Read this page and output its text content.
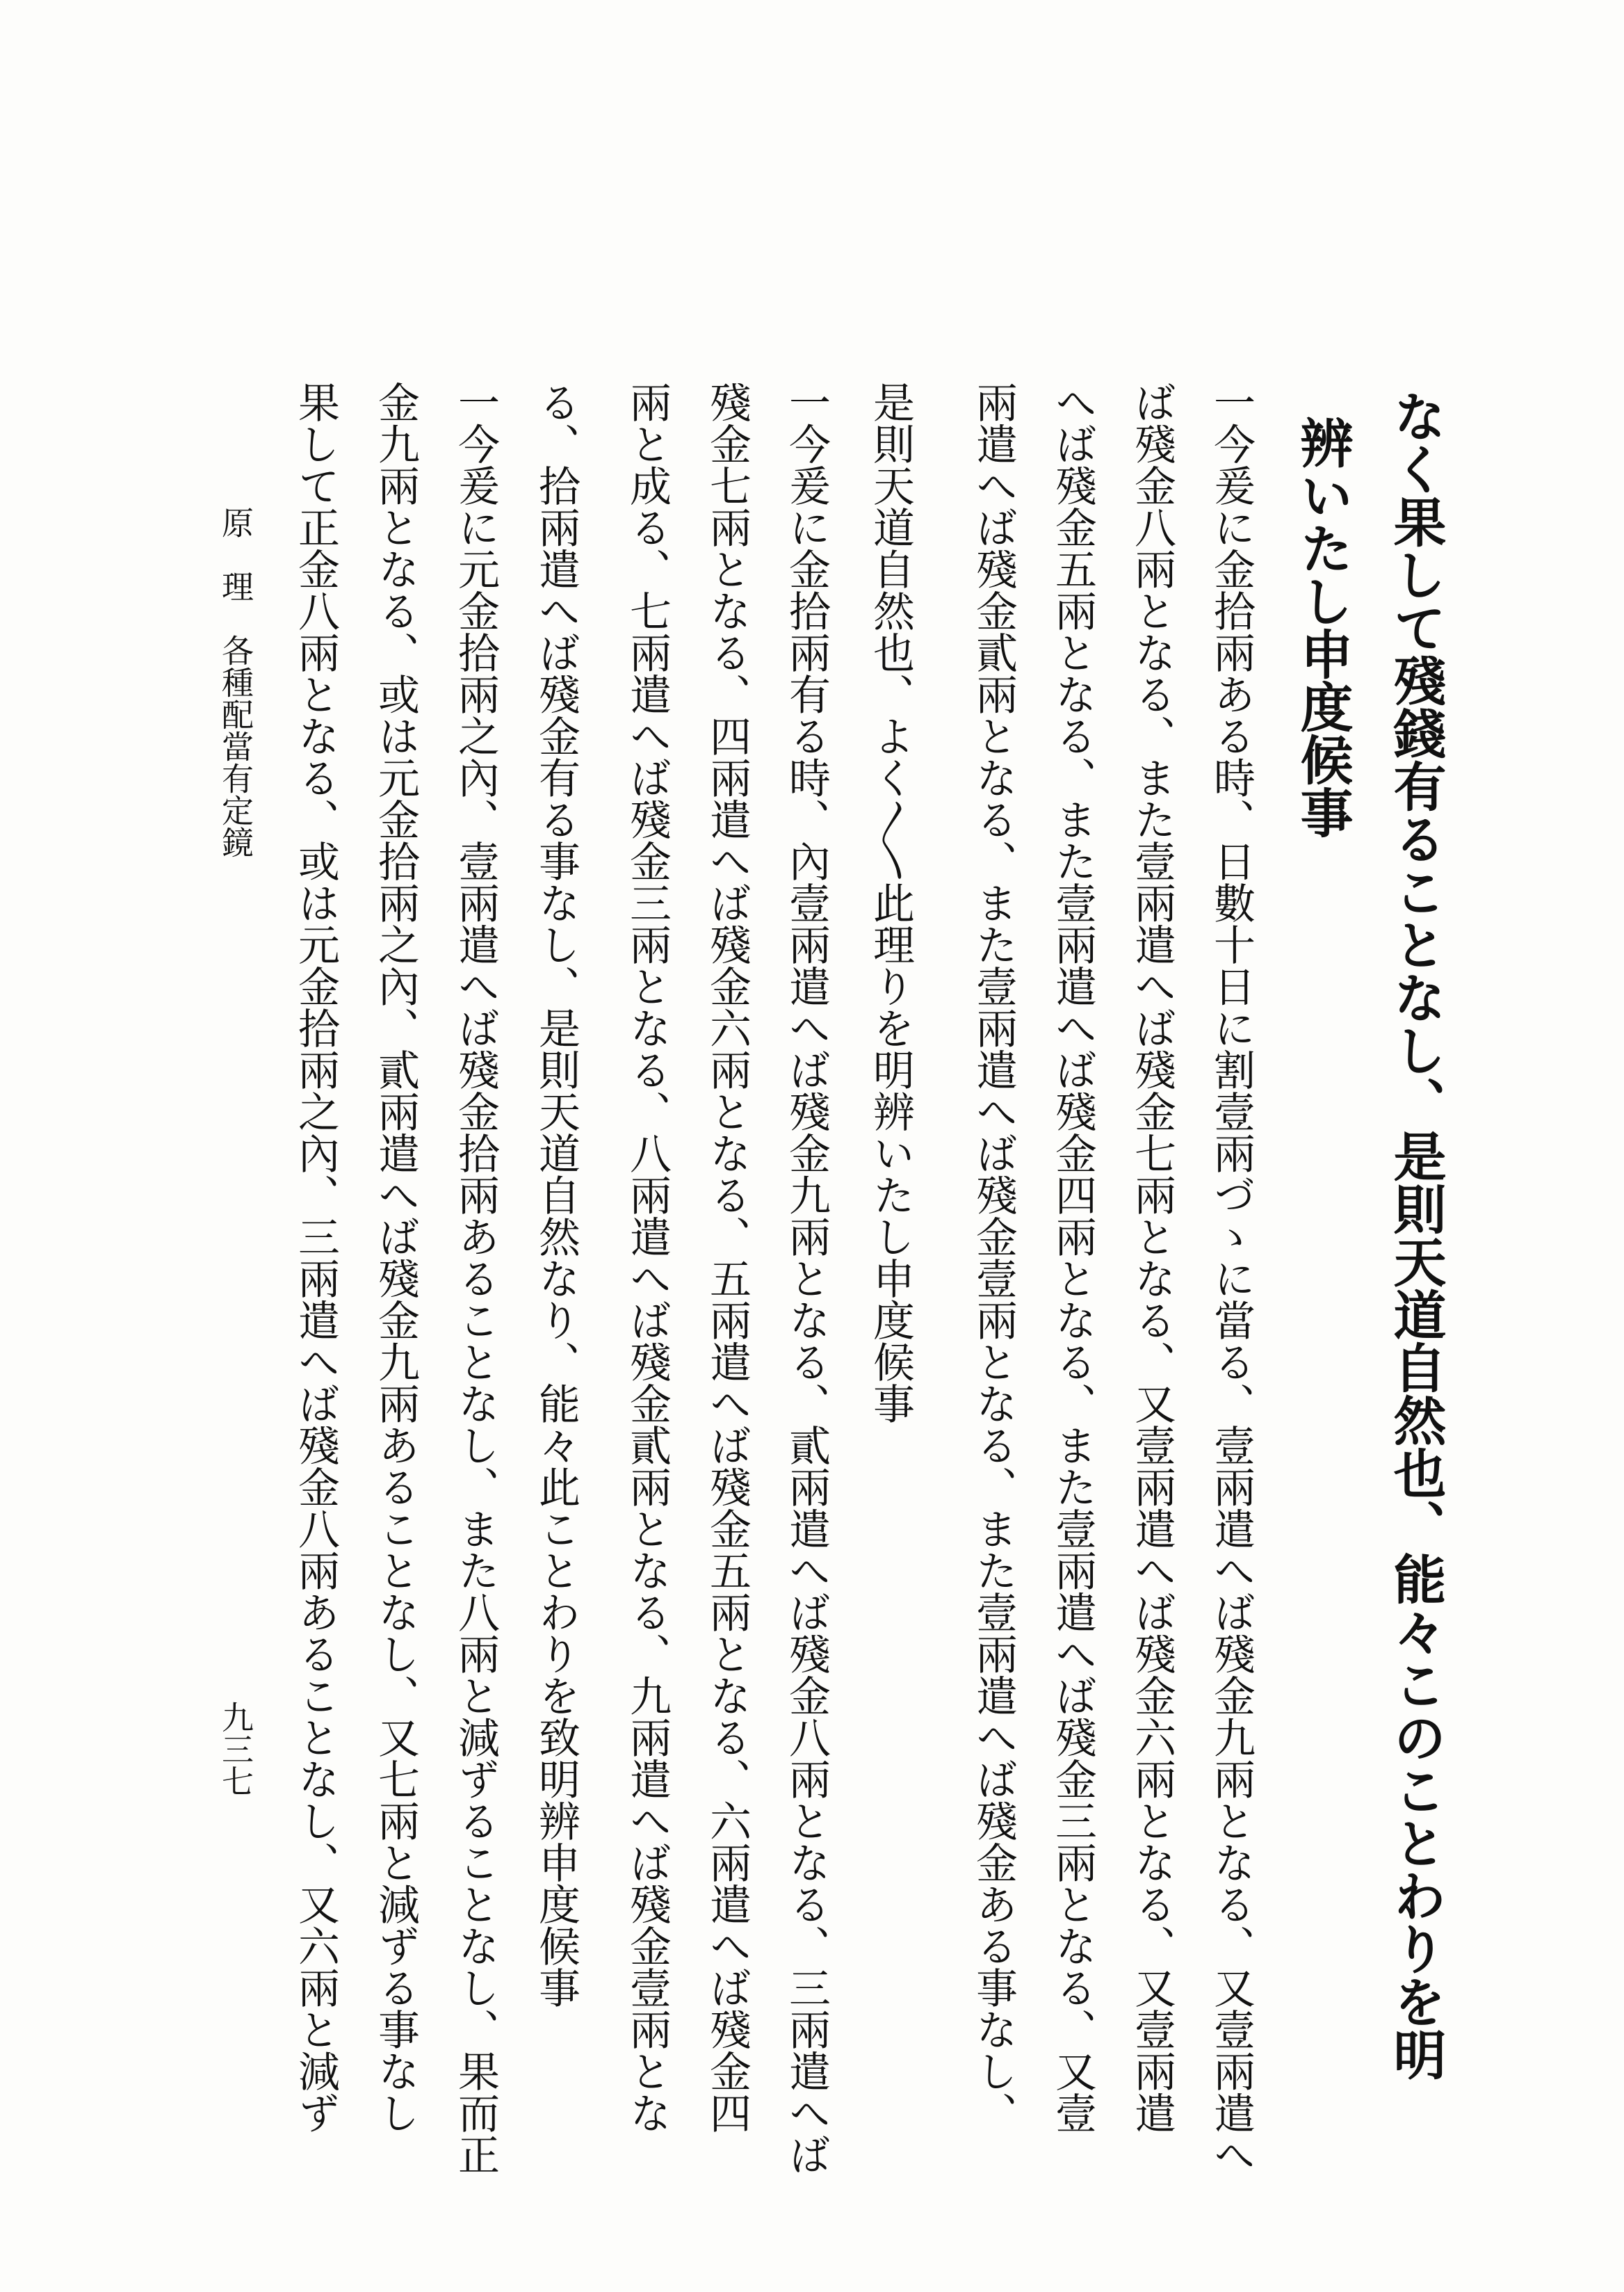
なく果して殘錢有ることなし、是則天道自然也、能々このことわりを明
辨いたし申度候事
一今爰に金拾兩ある時、日數十日に割壹兩づゝに當る、壹兩遣へば殘金九兩となる、又壹兩遣へ
ば殘金八兩となる、また壹兩遣へば殘金七兩となる、又壹兩遣へば殘金六兩となる、又壹兩遣
へば殘金五兩となる、また壹兩遣へば殘金四兩となる、また壹兩遣へば殘金三兩となる、又壹
兩遣へば殘金貳兩となる、また壹兩遣へば殘金壹兩となる、また壹兩遣へば殘金ある事なし、
是則天道自然也、よく〳〵此理りを明辨いたし申度候事
一今爰に金拾兩有る時、內壹兩遣へば殘金九兩となる、貳兩遣へば殘金八兩となる、三兩遣へば
殘金七兩となる、四兩遣へば殘金六兩となる、五兩遣へば殘金五兩となる、六兩遣へば殘金四
兩と成る、七兩遣へば殘金三兩となる、八兩遣へば殘金貳兩となる、九兩遣へば殘金壹兩とな
る、拾兩遣へば殘金有る事なし、是則天道自然なり、能々此ことわりを致明辨申度候事
一今爰に元金拾兩之內、壹兩遣へば殘金拾兩あることなし、また八兩と減ずることなし、果而正
金九兩となる、或は元金拾兩之內、貳兩遣へば殘金九兩あることなし、又七兩と減ずる事なし
果して正金八兩となる、或は元金拾兩之內、三兩遣へば殘金八兩あることなし、又六兩と減ず
原　理　各種配當有定鏡
九三七
